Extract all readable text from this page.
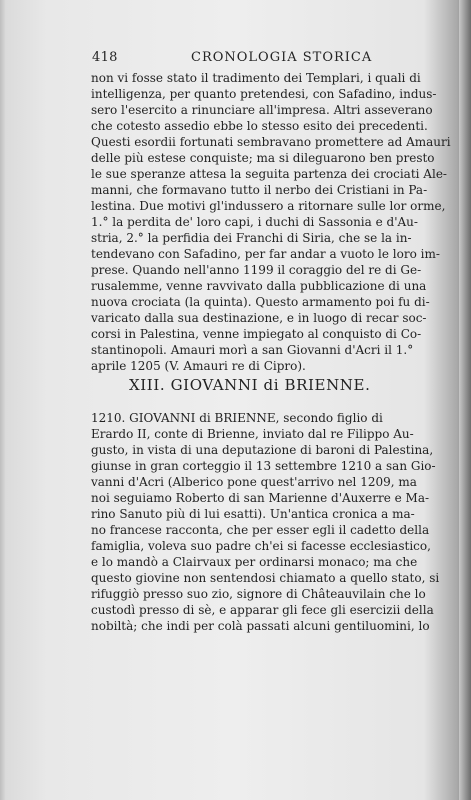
418	CRONOLOGIA STORICA
non vi fosse stato il tradimento dei Templari, i quali di
intelligenza, per quanto pretendesi, con Safadino, indus-
sero l'esercito a rinunciare all'impresa. Altri asseverano
che cotesto assedio ebbe lo stesso esito dei precedenti.
Questi esordii fortunati sembravano promettere ad Amauri
delle più estese conquiste; ma si dileguarono ben presto
le sue speranze attesa la seguita partenza dei crociati Ale-
manni, che formavano tutto il nerbo dei Cristiani in Pa-
lestina. Due motivi gl'indussero a ritornare sulle lor orme,
1.° la perdita de' loro capi, i duchi di Sassonia e d'Au-
stria, 2.° la perfidia dei Franchi di Siria, che se la in-
tendevano con Safadino, per far andar a vuoto le loro im-
prese. Quando nell'anno 1199 il coraggio del re di Ge-
rusalemme, venne ravvivato dalla pubblicazione di una
nuova crociata (la quinta). Questo armamento poi fu di-
varicato dalla sua destinazione, e in luogo di recar soc-
corsi in Palestina, venne impiegato al conquisto di Co-
stantinopoli. Amauri morì a san Giovanni d'Acri il 1.°
aprile 1205 (V. Amauri re di Cipro).
XIII. GIOVANNI di BRIENNE.
1210. GIOVANNI di BRIENNE, secondo figlio di
Erardo II, conte di Brienne, inviato dal re Filippo Au-
gusto, in vista di una deputazione di baroni di Palestina,
giunse in gran corteggio il 13 settembre 1210 a san Gio-
vanni d'Acri (Alberico pone quest'arrivo nel 1209, ma
noi seguiamo Roberto di san Marienne d'Auxerre e Ma-
rino Sanuto più di lui esatti). Un'antica cronica a ma-
no francese racconta, che per esser egli il cadetto della
famiglia, voleva suo padre ch'ei si facesse ecclesiastico,
e lo mandò a Clairvaux per ordinarsi monaco; ma che
questo giovine non sentendosi chiamato a quello stato, si
rifuggiò presso suo zio, signore di Châteauvilain che lo
custodì presso di sè, e apparar gli fece gli esercizii della
nobiltà; che indi per colà passati alcuni gentiluomini, lo
